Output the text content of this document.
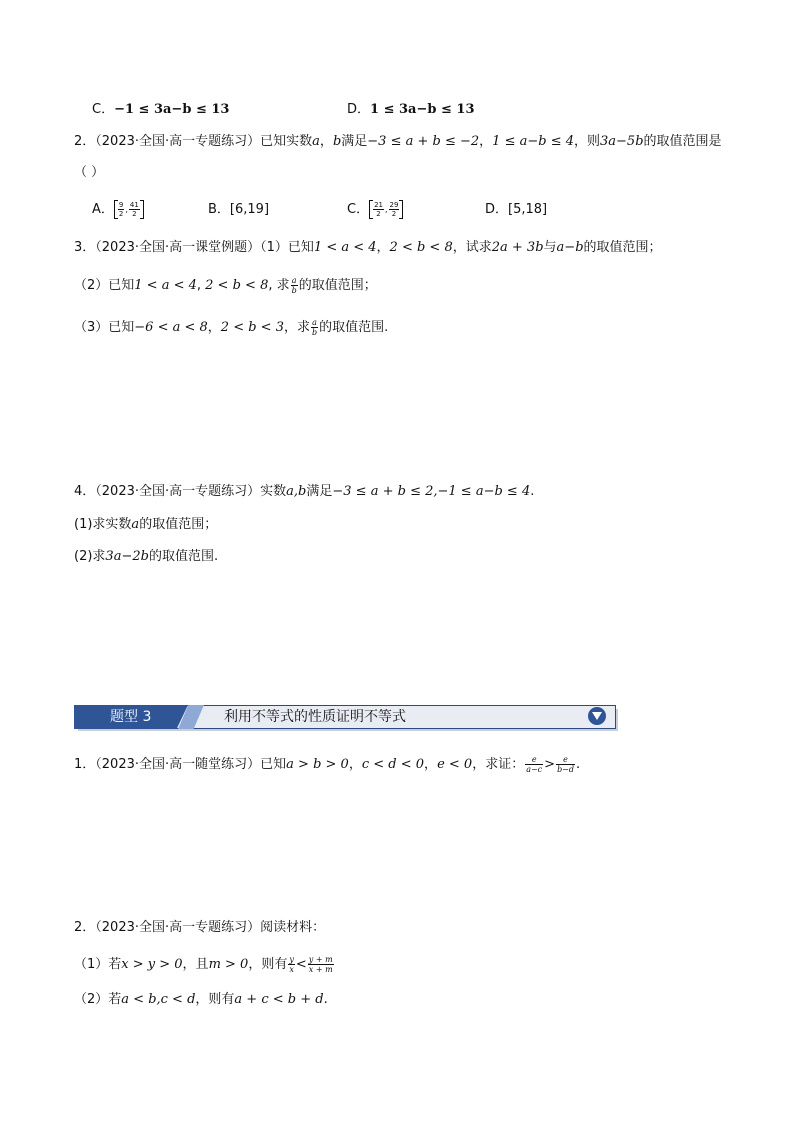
C．−1 ≤ 3a−b ≤ 13	D．1 ≤ 3a−b ≤ 13
2．（2023·全国·高一专题练习）已知实数a，b满足−3 ≤ a + b ≤ −2，1 ≤ a−b ≤ 4，则3a−5b的取值范围是
（ ）
A． $\frac{9}{2}$ , $\frac{41}{2}$	B．[6,19]	C． $\frac{21}{2}$ , $\frac{29}{2}$	D．[5,18]
3．（2023·全国·高一课堂例题）（1）已知1 < a < 4，2 < b < 8，试求2a + 3b与a−b的取值范围；
（2）已知1 < a < 4, 2 < b < 8, 求 $\frac{a}{b}$ 的取值范围；
（3）已知−6 < a < 8，2 < b < 3，求 $\frac{a}{b}$ 的取值范围.
4．（2023·全国·高一专题练习）实数a,b满足−3 ≤ a + b ≤ 2,−1 ≤ a−b ≤ 4.
(1)求实数a的取值范围；
(2)求3a−2b的取值范围.
题型 3	利用不等式的性质证明不等式
1．（2023·全国·高一随堂练习）已知a > b > 0，c < d < 0，e < 0，求证： $\frac{e}{a-c} > \frac{e}{b-d}$ .
2．（2023·全国·高一专题练习）阅读材料：
（1）若x > y > 0，且m > 0，则有 $\frac{y}{x} < \frac{y + m}{x + m}$
（2）若a < b,c < d，则有a + c < b + d.
